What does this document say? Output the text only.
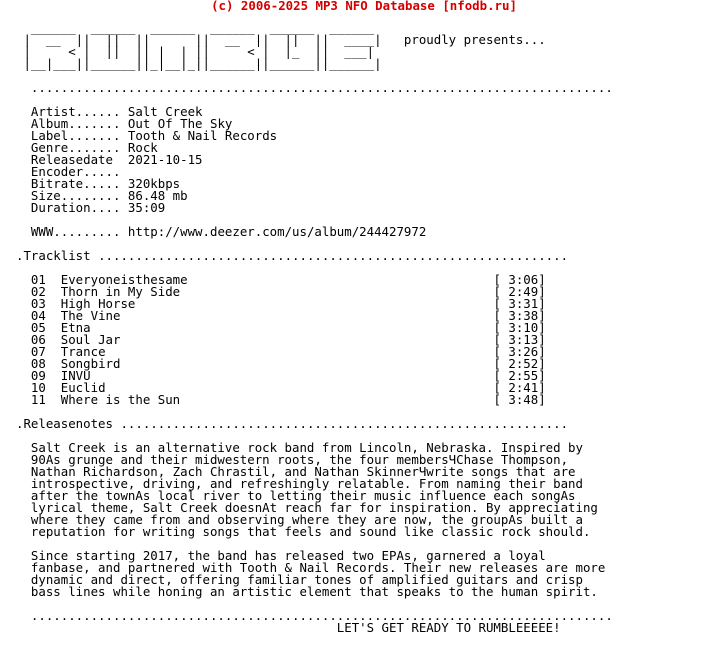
(c) 2006-2025 MP3 NFO Database [nfodb.ru]

______  ______  ______  ______  ______  ______
|  __  ||  ||  ||      ||  __  ||  ||  ||  ____| proudly presents...
|     < |  ||  || |  | ||     < |  |_  ||  ___|
|__|___||______||_|__|_||______||______||______|

..............................................................................

Artist...... Salt Creek
Album....... Out Of The Sky
Label....... Tooth & Nail Records
Genre....... Rock
Releasedate 2021-10-15
Encoder.....
Bitrate..... 320kbps
Size........ 86.48 mb
Duration.... 35:09

WWW......... http://www.deezer.com/us/album/244427972

.Tracklist ...............................................................

01 Everyoneisthesame	[ 3:06]
02 Thorn in My Side	[ 2:49]
03 High Horse	[ 3:31]
04 The Vine	[ 3:38]
05 Etna	[ 3:10]
06 Soul Jar	[ 3:13]
07 Trance	[ 3:26]
08 Songbird	[ 2:52]
09 INVU	[ 2:55]
10 Euclid	[ 2:41]
11 Where is the Sun	[ 3:48]

.Releasenotes ............................................................

Salt Creek is an alternative rock band from Lincoln, Nebraska. Inspired by
90Аs grunge and their midwestern roots, the four membersЧChase Thompson,
Nathan Richardson, Zach Chrastil, and Nathan SkinnerЧwrite songs that are
introspective, driving, and refreshingly relatable. From naming their band
after the townАs local river to letting their music influence each songАs
lyrical theme, Salt Creek doesnАt reach far for inspiration. By appreciating
where they came from and observing where they are now, the groupАs built a
reputation for writing songs that feels and sound like classic rock should.

Since starting 2017, the band has released two EPАs, garnered a loyal
fanbase, and partnered with Tooth & Nail Records. Their new releases are more
dynamic and direct, offering familiar tones of amplified guitars and crisp
bass lines while honing an artistic element that speaks to the human spirit.

..............................................................................
LET'S GET READY TO RUMBLEEEEE!
